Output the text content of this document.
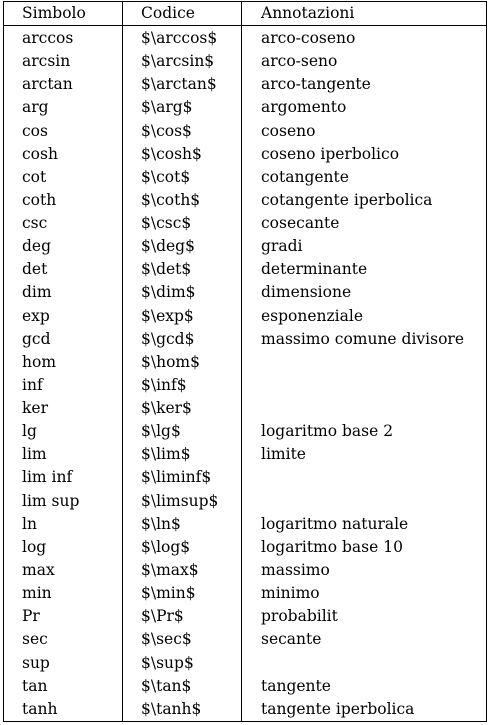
Simbolo	Codice	Annotazioni
arccos	$\arccos$	arco-coseno
arcsin	$\arcsin$	arco-seno
arctan	$\arctan$	arco-tangente
arg	$\arg$	argomento
cos	$\cos$	coseno
cosh	$\cosh$	coseno iperbolico
cot	$\cot$	cotangente
coth	$\coth$	cotangente iperbolica
csc	$\csc$	cosecante
deg	$\deg$	gradi
det	$\det$	determinante
dim	$\dim$	dimensione
exp	$\exp$	esponenziale
gcd	$\gcd$	massimo comune divisore
hom	$\hom$
inf	$\inf$
ker	$\ker$
lg	$\lg$	logaritmo base 2
lim	$\lim$	limite
lim inf	$\liminf$
lim sup	$\limsup$
ln	$\ln$	logaritmo naturale
log	$\log$	logaritmo base 10
max	$\max$	massimo
min	$\min$	minimo
Pr	$\Pr$	probabilit
sec	$\sec$	secante
sup	$\sup$
tan	$\tan$	tangente
tanh	$\tanh$	tangente iperbolica
